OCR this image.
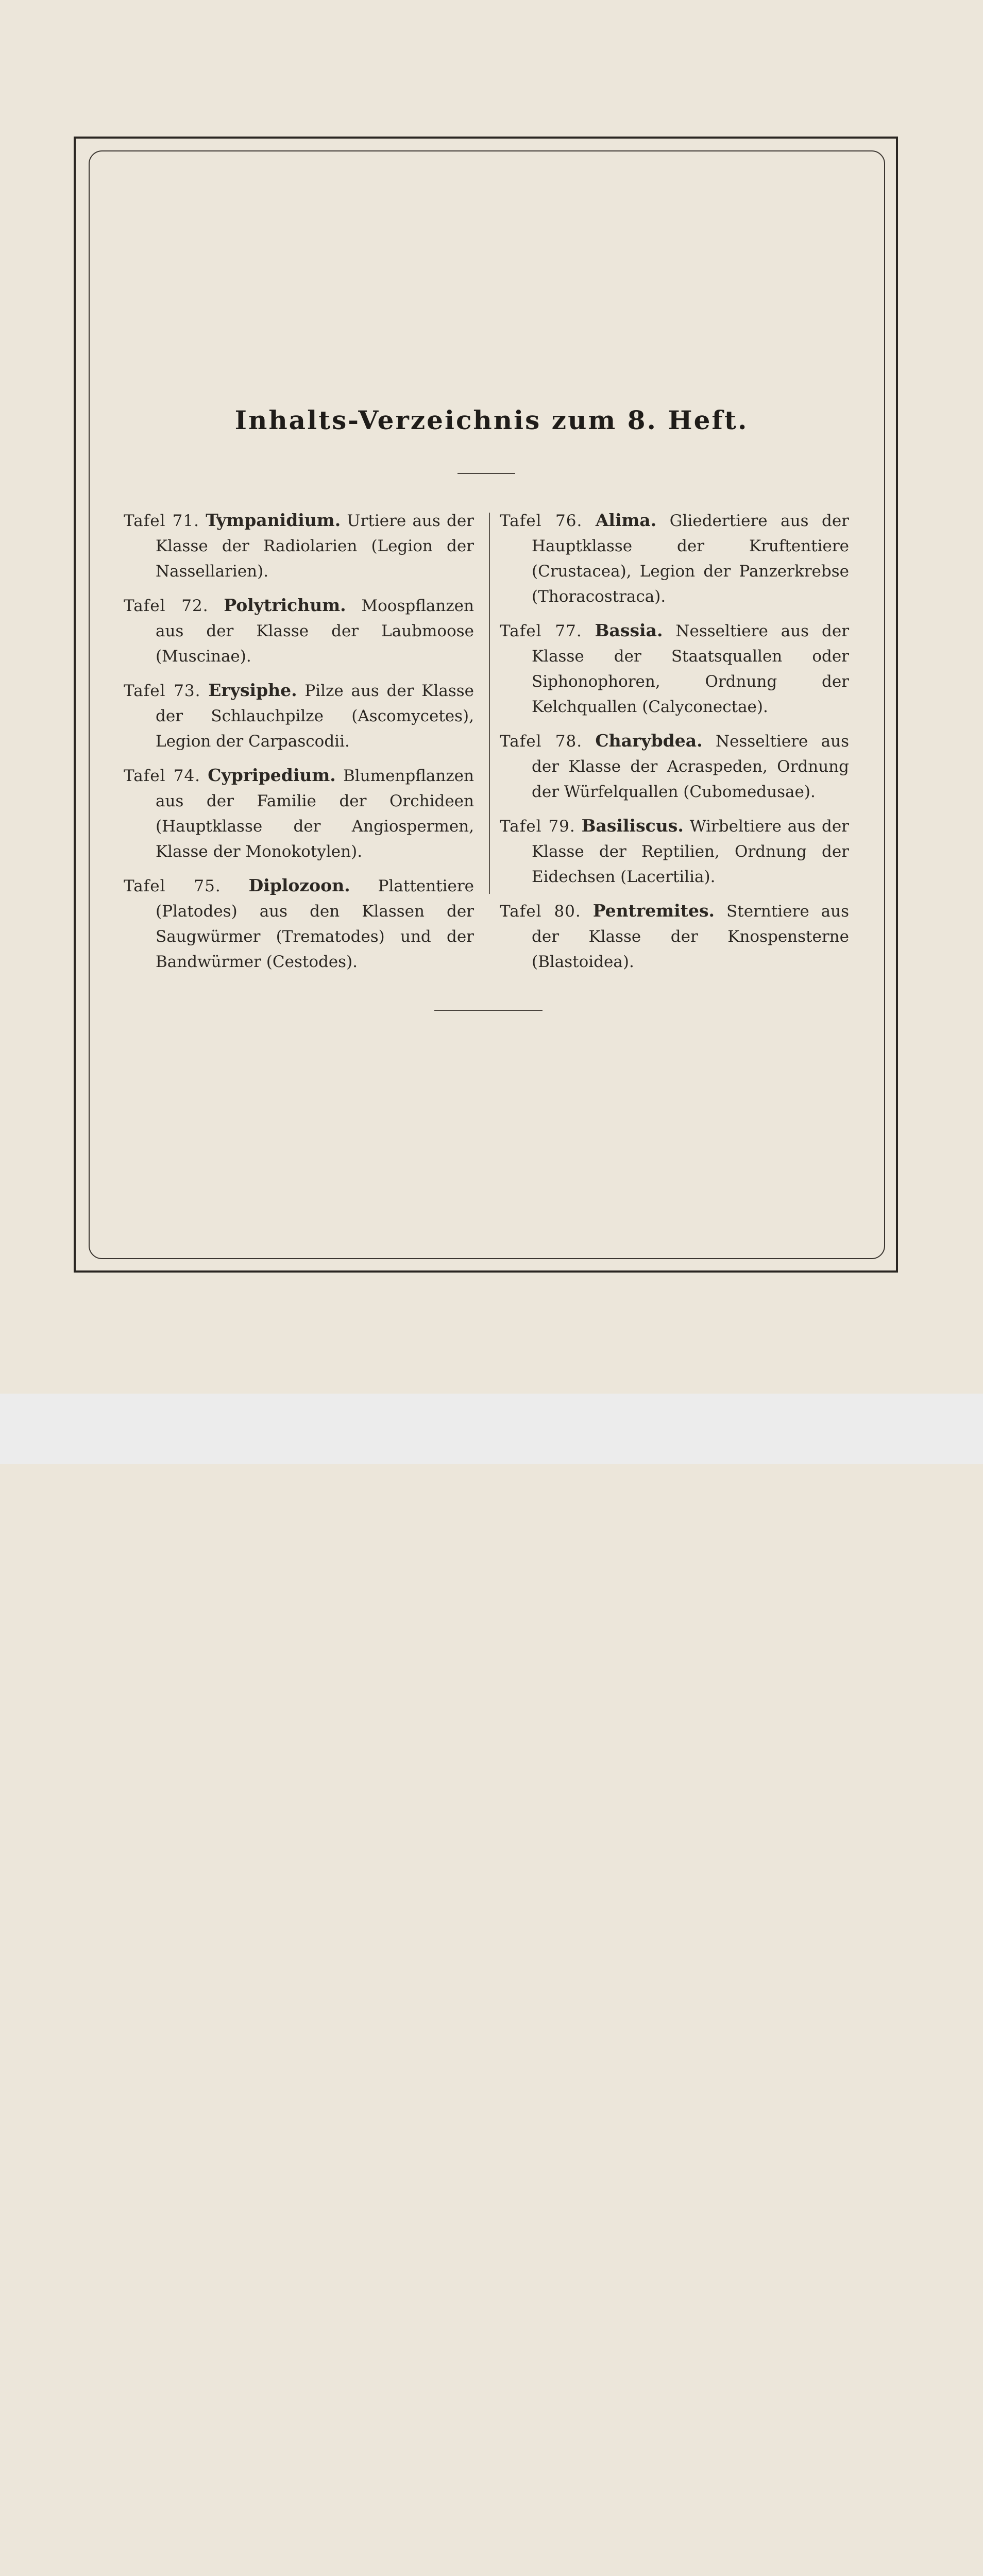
Inhalts-Verzeichnis zum 8. Heft.
Tafel 71. Tympanidium. Urtiere aus der Klasse der Radiolarien (Legion der Nassellarien).
Tafel 72. Polytrichum. Moospflanzen aus der Klasse der Laubmoose (Muscinae).
Tafel 73. Erysiphe. Pilze aus der Klasse der Schlauchpilze (Ascomycetes), Legion der Carpascodii.
Tafel 74. Cypripedium. Blumenpflanzen aus der Familie der Orchideen (Hauptklasse der Angiospermen, Klasse der Monokotylen).
Tafel 75. Diplozoon. Plattentiere (Platodes) aus den Klassen der Saugwürmer (Trematodes) und der Bandwürmer (Cestodes).
Tafel 76. Alima. Gliedertiere aus der Hauptklasse der Kruftentiere (Crustacea), Legion der Panzerkrebse (Thoracostraca).
Tafel 77. Bassia. Nesseltiere aus der Klasse der Staatsquallen oder Siphonophoren, Ordnung der Kelchquallen (Calyconectae).
Tafel 78. Charybdea. Nesseltiere aus der Klasse der Acraspeden, Ordnung der Würfelquallen (Cubomedusae).
Tafel 79. Basiliscus. Wirbeltiere aus der Klasse der Reptilien, Ordnung der Eidechsen (Lacertilia).
Tafel 80. Pentremites. Sterntiere aus der Klasse der Knospensterne (Blastoidea).
